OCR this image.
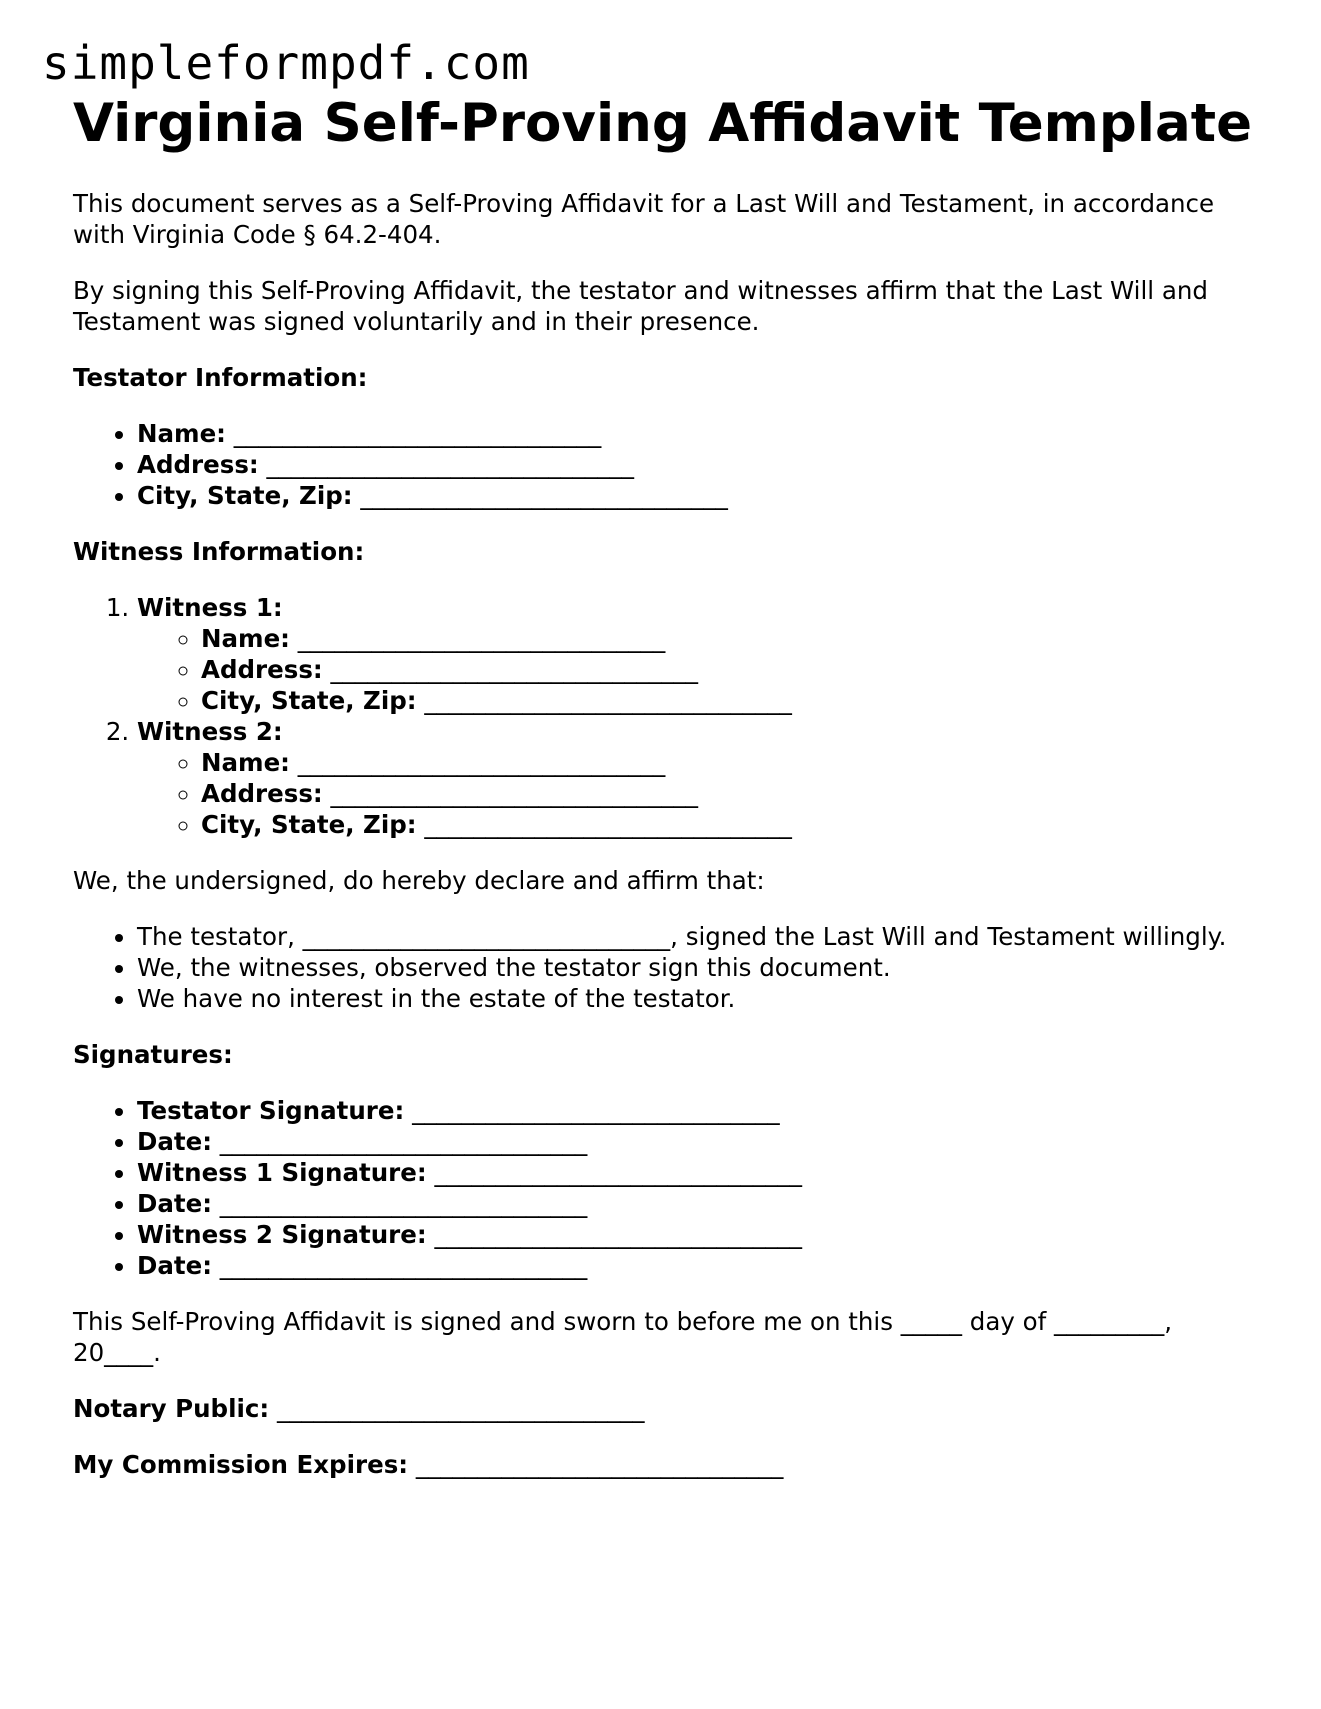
simpleformpdf.com
Virginia Self-Proving Affidavit Template

This document serves as a Self-Proving Affidavit for a Last Will and Testament, in accordance with Virginia Code § 64.2-404.

By signing this Self-Proving Affidavit, the testator and witnesses affirm that the Last Will and Testament was signed voluntarily and in their presence.

Testator Information:

• Name: ______________________________
• Address: ______________________________
• City, State, Zip: ______________________________

Witness Information:

1. Witness 1:
◦ Name: ______________________________
◦ Address: ______________________________
◦ City, State, Zip: ______________________________
2. Witness 2:
◦ Name: ______________________________
◦ Address: ______________________________
◦ City, State, Zip: ______________________________

We, the undersigned, do hereby declare and affirm that:

• The testator, ______________________________, signed the Last Will and Testament willingly.
• We, the witnesses, observed the testator sign this document.
• We have no interest in the estate of the testator.

Signatures:

• Testator Signature: ______________________________
• Date: ______________________________
• Witness 1 Signature: ______________________________
• Date: ______________________________
• Witness 2 Signature: ______________________________
• Date: ______________________________

This Self-Proving Affidavit is signed and sworn to before me on this _____ day of _________, 20____.

Notary Public: ______________________________

My Commission Expires: ______________________________
